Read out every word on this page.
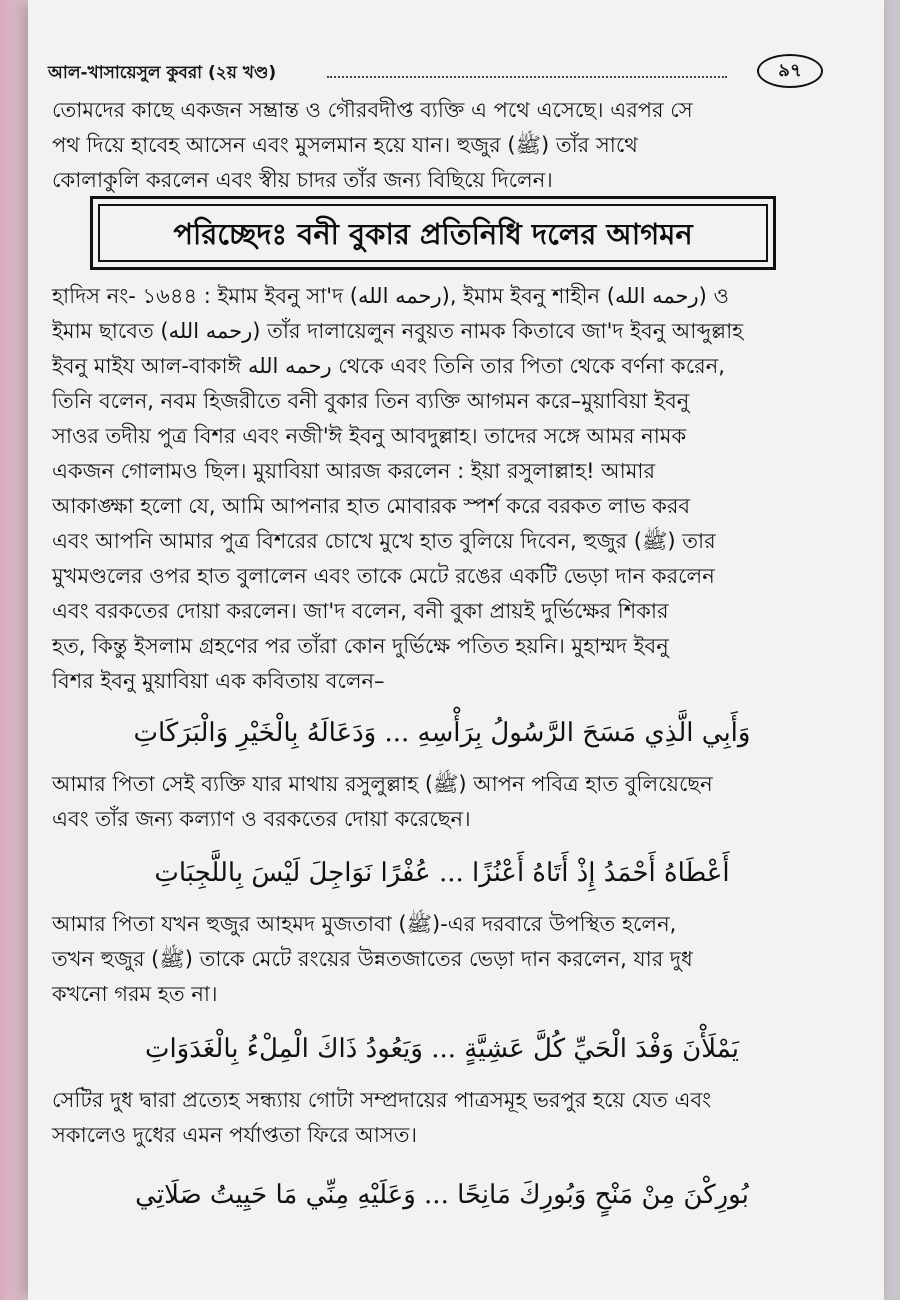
আল-খাসায়েসুল কুবরা (২য় খণ্ড)	৯৭
তোমদের কাছে একজন সম্ভ্রান্ত ও গৌরবদীপ্ত ব্যক্তি এ পথে এসেছে। এরপর সে
পথ দিয়ে হাবেহ আসেন এবং মুসলমান হয়ে যান। হুজুর (ﷺ) তাঁর সাথে
কোলাকুলি করলেন এবং স্বীয় চাদর তাঁর জন্য বিছিয়ে দিলেন।
পরিচ্ছেদঃ বনী বুকার প্রতিনিধি দলের আগমন
হাদিস নং- ১৬৪৪ : ইমাম ইবনু সা'দ (رحمه الله), ইমাম ইবনু শাহীন (رحمه الله) ও
ইমাম ছাবেত (رحمه الله) তাঁর দালায়েলুন নবুয়ত নামক কিতাবে জা'দ ইবনু আব্দুল্লাহ
ইবনু মাইয আল-বাকাঈ رحمه الله থেকে এবং তিনি তার পিতা থেকে বর্ণনা করেন,
তিনি বলেন, নবম হিজরীতে বনী বুকার তিন ব্যক্তি আগমন করে–মুয়াবিয়া ইবনু
সাওর তদীয় পুত্র বিশর এবং নজী'ঈ ইবনু আবদুল্লাহ। তাদের সঙ্গে আমর নামক
একজন গোলামও ছিল। মুয়াবিয়া আরজ করলেন : ইয়া রসুলাল্লাহ! আমার
আকাঙ্ক্ষা হলো যে, আমি আপনার হাত মোবারক স্পর্শ করে বরকত লাভ করব
এবং আপনি আমার পুত্র বিশরের চোখে মুখে হাত বুলিয়ে দিবেন, হুজুর (ﷺ) তার
মুখমণ্ডলের ওপর হাত বুলালেন এবং তাকে মেটে রঙের একটি ভেড়া দান করলেন
এবং বরকতের দোয়া করলেন। জা'দ বলেন, বনী বুকা প্রায়ই দুর্ভিক্ষের শিকার
হত, কিন্তু ইসলাম গ্রহণের পর তাঁরা কোন দুর্ভিক্ষে পতিত হয়নি। মুহাম্মদ ইবনু
বিশর ইবনু মুয়াবিয়া এক কবিতায় বলেন–
وَأَبِي الَّذِي مَسَحَ الرَّسُولُ بِرَأْسِهِ ... وَدَعَالَهُ بِالْخَيْرِ وَالْبَرَكَاتِ
আমার পিতা সেই ব্যক্তি যার মাথায় রসুলুল্লাহ (ﷺ) আপন পবিত্র হাত বুলিয়েছেন
এবং তাঁর জন্য কল্যাণ ও বরকতের দোয়া করেছেন।
أَعْطَاهُ أَحْمَدُ إِذْ أَتَاهُ أَعْنُزًا ... عُفْرًا نَوَاجِلَ لَيْسَ بِاللَّجِبَاتِ
আমার পিতা যখন হুজুর আহমদ মুজতাবা (ﷺ)-এর দরবারে উপস্থিত হলেন,
তখন হুজুর (ﷺ) তাকে মেটে রংয়ের উন্নতজাতের ভেড়া দান করলেন, যার দুধ
কখনো গরম হত না।
يَمْلَأْنَ وَفْدَ الْحَيِّ كُلَّ عَشِيَّةٍ ... وَيَعُودُ ذَاكَ الْمِلْءُ بِالْغَدَوَاتِ
সেটির দুধ দ্বারা প্রত্যেহ সন্ধ্যায় গোটা সম্প্রদায়ের পাত্রসমূহ ভরপুর হয়ে যেত এবং
সকালেও দুধের এমন পর্যাপ্ততা ফিরে আসত।
بُورِكْنَ مِنْ مَنْحٍ وَبُورِكَ مَانِحًا ... وَعَلَيْهِ مِنِّي مَا حَيِيتُ صَلَاتِي
